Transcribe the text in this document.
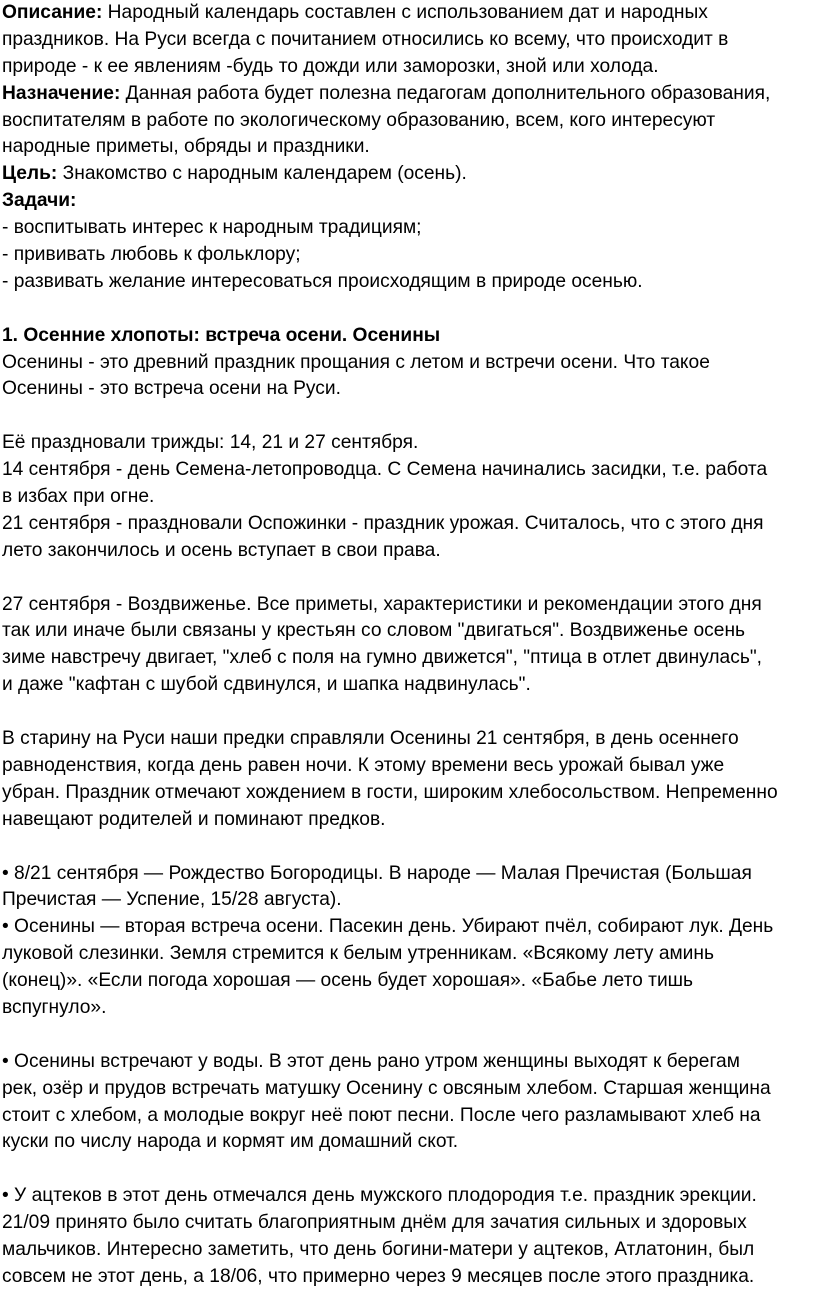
Описание: Народный календарь составлен с использованием дат и народных
праздников. На Руси всегда с почитанием относились ко всему, что происходит в
природе - к ее явлениям -будь то дожди или заморозки, зной или холода.
Назначение: Данная работа будет полезна педагогам дополнительного образования,
воспитателям в работе по экологическому образованию, всем, кого интересуют
народные приметы, обряды и праздники.
Цель: Знакомство с народным календарем (осень).
Задачи:
- воспитывать интерес к народным традициям;
- прививать любовь к фольклору;
- развивать желание интересоваться происходящим в природе осенью.
1. Осенние хлопоты: встреча осени. Осенины
Осенины - это древний праздник прощания с летом и встречи осени. Что такое
Осенины - это встреча осени на Руси.
Её праздновали трижды: 14, 21 и 27 сентября.
14 сентября - день Семена-летопроводца. С Семена начинались засидки, т.е. работа
в избах при огне.
21 сентября - праздновали Оспожинки - праздник урожая. Считалось, что с этого дня
лето закончилось и осень вступает в свои права.
27 сентября - Воздвиженье. Все приметы, характеристики и рекомендации этого дня
так или иначе были связаны у крестьян со словом "двигаться". Воздвиженье осень
зиме навстречу двигает, "хлеб с поля на гумно движется", "птица в отлет двинулась",
и даже "кафтан с шубой сдвинулся, и шапка надвинулась".
В старину на Руси наши предки справляли Осенины 21 сентября, в день осеннего
равноденствия, когда день равен ночи. К этому времени весь урожай бывал уже
убран. Праздник отмечают хождением в гости, широким хлебосольством. Непременно
навещают родителей и поминают предков.
• 8/21 сентября — Рождество Богородицы. В народе — Малая Пречистая (Большая
Пречистая — Успение, 15/28 августа).
• Осенины — вторая встреча осени. Пасекин день. Убирают пчёл, собирают лук. День
луковой слезинки. Земля стремится к белым утренникам. «Всякому лету аминь
(конец)». «Если погода хорошая — осень будет хорошая». «Бабье лето тишь
вспугнуло».
• Осенины встречают у воды. В этот день рано утром женщины выходят к берегам
рек, озёр и прудов встречать матушку Осенину с овсяным хлебом. Старшая женщина
стоит с хлебом, а молодые вокруг неё поют песни. После чего разламывают хлеб на
куски по числу народа и кормят им домашний скот.
• У ацтеков в этот день отмечался день мужского плодородия т.е. праздник эрекции.
21/09 принято было считать благоприятным днём для зачатия сильных и здоровых
мальчиков. Интересно заметить, что день богини-матери у ацтеков, Атлатонин, был
совсем не этот день, а 18/06, что примерно через 9 месяцев после этого праздника.
